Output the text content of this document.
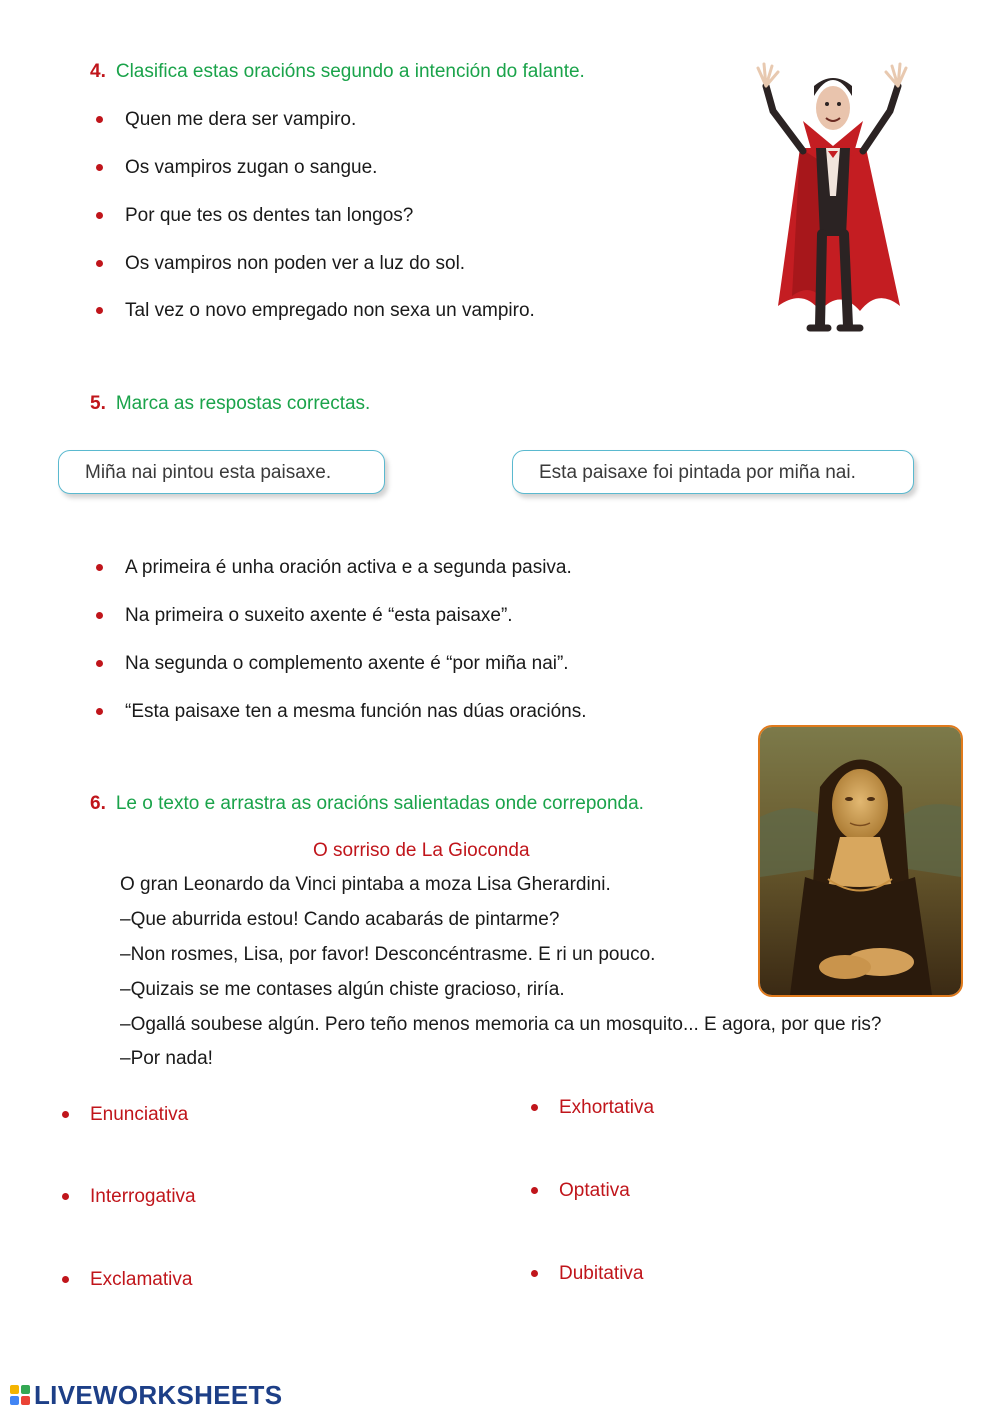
4. Clasifica estas oracións segundo a intención do falante.
Quen me dera ser vampiro.
Os vampiros zugan o sangue.
Por que tes os dentes tan longos?
Os vampiros non poden ver a luz do sol.
Tal vez o novo empregado non sexa un vampiro.
5. Marca as respostas correctas.
Miña nai pintou esta paisaxe.	Esta paisaxe foi pintada por miña nai.
A primeira é unha oración activa e a segunda pasiva.
Na primeira o suxeito axente é “esta paisaxe”.
Na segunda o complemento axente é “por miña nai”.
“Esta paisaxe ten a mesma función nas dúas oracións.
6. Le o texto e arrastra as oracións salientadas onde correponda.
O sorriso de La Gioconda
O gran Leonardo da Vinci pintaba a moza Lisa Gherardini.
–Que aburrida estou! Cando acabarás de pintarme?
–Non rosmes, Lisa, por favor! Desconcéntrasme. E ri un pouco.
–Quizais se me contases algún chiste gracioso, riría.
–Ogallá soubese algún. Pero teño menos memoria ca un mosquito... E agora, por que ris?
–Por nada!
Enunciativa
Interrogativa
Exclamativa
Exhortativa
Optativa
Dubitativa
LIVEWORKSHEETS
